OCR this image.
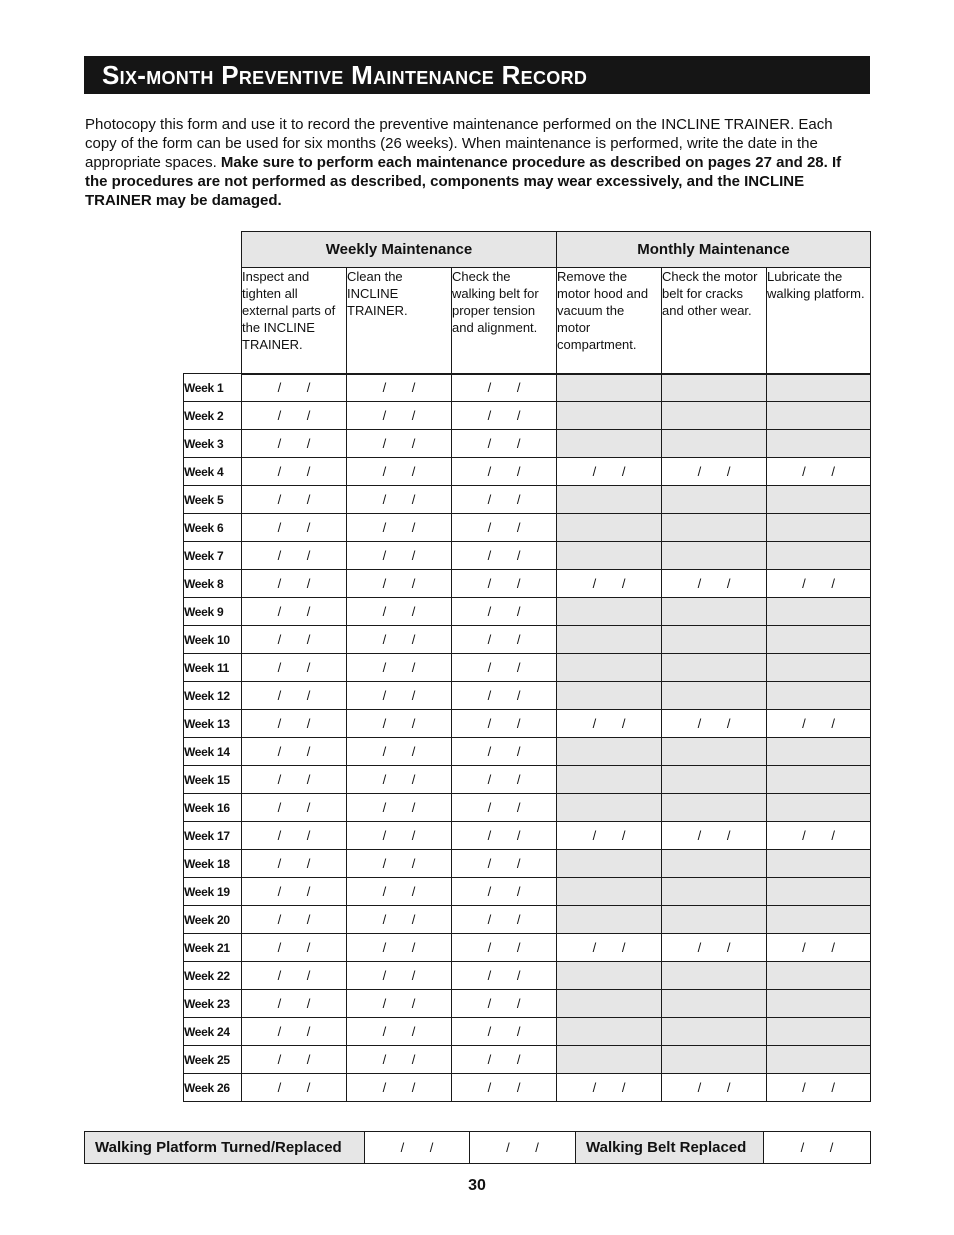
Six-month Preventive Maintenance Record

Photocopy this form and use it to record the preventive maintenance performed on the INCLINE TRAINER. Each copy of the form can be used for six months (26 weeks). When maintenance is performed, write the date in the appropriate spaces. Make sure to perform each maintenance procedure as described on pages 27 and 28. If the procedures are not performed as described, components may wear excessively, and the INCLINE TRAINER may be damaged.

	Weekly Maintenance			Monthly Maintenance		
	Inspect and tighten all external parts of the INCLINE TRAINER.	Clean the INCLINE TRAINER.	Check the walking belt for proper tension and alignment.	Remove the motor hood and vacuum the motor compartment.	Check the motor belt for cracks and other wear.	Lubricate the walking platform.
Week 1	/ /	/ /	/ /			
Week 2	/ /	/ /	/ /			
Week 3	/ /	/ /	/ /			
Week 4	/ /	/ /	/ /	/ /	/ /	/ /
Week 5	/ /	/ /	/ /			
Week 6	/ /	/ /	/ /			
Week 7	/ /	/ /	/ /			
Week 8	/ /	/ /	/ /	/ /	/ /	/ /
Week 9	/ /	/ /	/ /			
Week 10	/ /	/ /	/ /			
Week 11	/ /	/ /	/ /			
Week 12	/ /	/ /	/ /			
Week 13	/ /	/ /	/ /	/ /	/ /	/ /
Week 14	/ /	/ /	/ /			
Week 15	/ /	/ /	/ /			
Week 16	/ /	/ /	/ /			
Week 17	/ /	/ /	/ /	/ /	/ /	/ /
Week 18	/ /	/ /	/ /			
Week 19	/ /	/ /	/ /			
Week 20	/ /	/ /	/ /			
Week 21	/ /	/ /	/ /	/ /	/ /	/ /
Week 22	/ /	/ /	/ /			
Week 23	/ /	/ /	/ /			
Week 24	/ /	/ /	/ /			
Week 25	/ /	/ /	/ /			
Week 26	/ /	/ /	/ /	/ /	/ /	/ /
Walking Platform Turned/Replaced	/ /	/ /	Walking Belt Replaced	/ /
30
